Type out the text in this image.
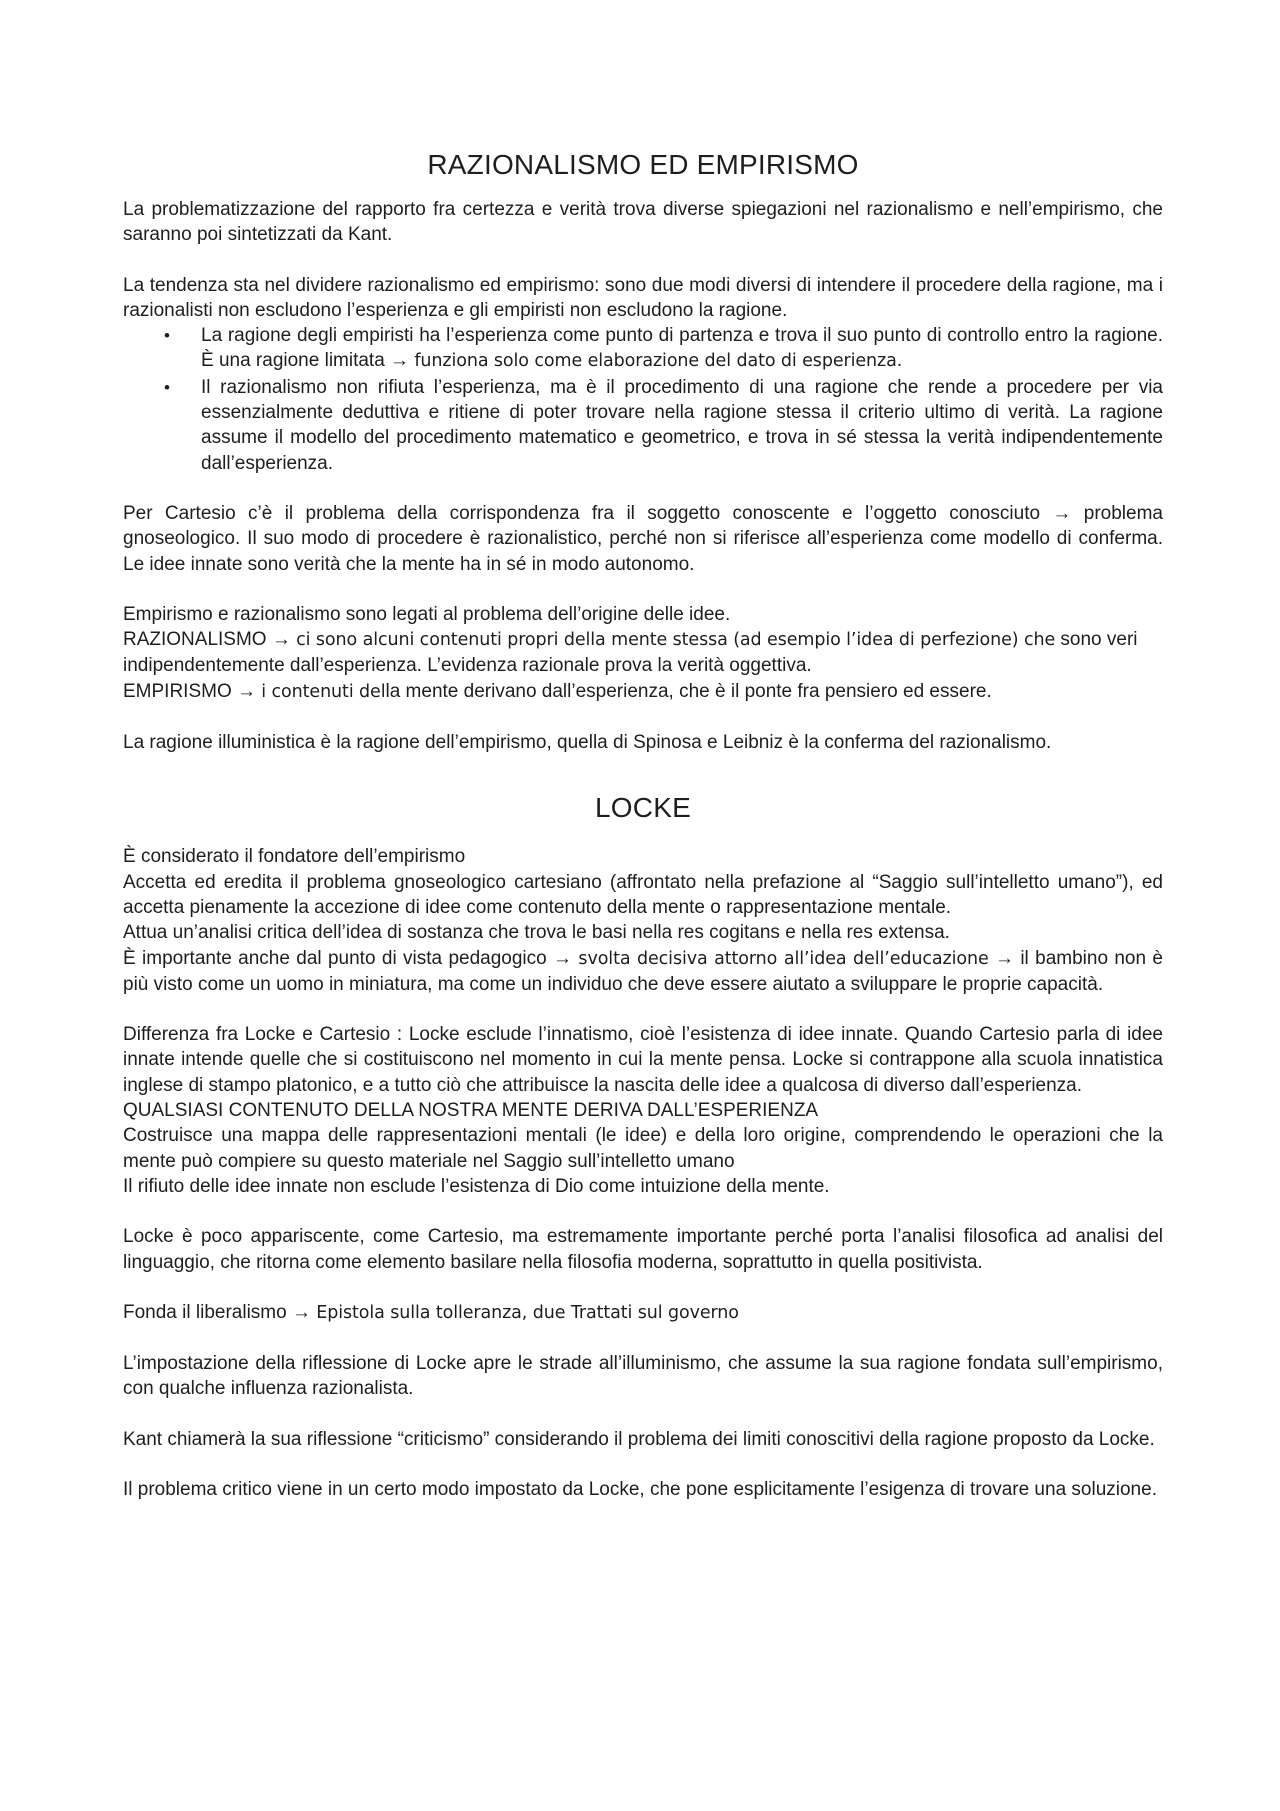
RAZIONALISMO ED EMPIRISMO

La problematizzazione del rapporto fra certezza e verità trova diverse spiegazioni nel razionalismo e nell’empirismo, che saranno poi sintetizzati da Kant.

La tendenza sta nel dividere razionalismo ed empirismo: sono due modi diversi di intendere il procedere della ragione, ma i razionalisti non escludono l’esperienza e gli empiristi non escludono la ragione.

• La ragione degli empiristi ha l’esperienza come punto di partenza e trova il suo punto di controllo entro la ragione. È una ragione limitata → funziona solo come elaborazione del dato di esperienza.
• Il razionalismo non rifiuta l’esperienza, ma è il procedimento di una ragione che rende a procedere per via essenzialmente deduttiva e ritiene di poter trovare nella ragione stessa il criterio ultimo di verità. La ragione assume il modello del procedimento matematico e geometrico, e trova in sé stessa la verità indipendentemente dall’esperienza.

Per Cartesio c’è il problema della corrispondenza fra il soggetto conoscente e l’oggetto conosciuto → problema gnoseologico. Il suo modo di procedere è razionalistico, perché non si riferisce all’esperienza come modello di conferma. Le idee innate sono verità che la mente ha in sé in modo autonomo.

Empirismo e razionalismo sono legati al problema dell’origine delle idee.

RAZIONALISMO → ci sono alcuni contenuti propri della mente stessa (ad esempio l’idea di perfezione) che sono veri indipendentemente dall’esperienza. L’evidenza razionale prova la verità oggettiva.

EMPIRISMO → i contenuti della mente derivano dall’esperienza, che è il ponte fra pensiero ed essere.

La ragione illuministica è la ragione dell’empirismo, quella di Spinosa e Leibniz è la conferma del razionalismo.

LOCKE

È considerato il fondatore dell’empirismo

Accetta ed eredita il problema gnoseologico cartesiano (affrontato nella prefazione al “Saggio sull’intelletto umano”), ed accetta pienamente la accezione di idee come contenuto della mente o rappresentazione mentale.

Attua un’analisi critica dell’idea di sostanza che trova le basi nella res cogitans e nella res extensa.

È importante anche dal punto di vista pedagogico → svolta decisiva attorno all’idea dell’educazione → il bambino non è più visto come un uomo in miniatura, ma come un individuo che deve essere aiutato a sviluppare le proprie capacità.

Differenza fra Locke e Cartesio : Locke esclude l’innatismo, cioè l’esistenza di idee innate. Quando Cartesio parla di idee innate intende quelle che si costituiscono nel momento in cui la mente pensa. Locke si contrappone alla scuola innatistica inglese di stampo platonico, e a tutto ciò che attribuisce la nascita delle idee a qualcosa di diverso dall’esperienza.

QUALSIASI CONTENUTO DELLA NOSTRA MENTE DERIVA DALL’ESPERIENZA

Costruisce una mappa delle rappresentazioni mentali (le idee) e della loro origine, comprendendo le operazioni che la mente può compiere su questo materiale nel Saggio sull’intelletto umano

Il rifiuto delle idee innate non esclude l’esistenza di Dio come intuizione della mente.

Locke è poco appariscente, come Cartesio, ma estremamente importante perché porta l’analisi filosofica ad analisi del linguaggio, che ritorna come elemento basilare nella filosofia moderna, soprattutto in quella positivista.

Fonda il liberalismo → Epistola sulla tolleranza, due Trattati sul governo

L’impostazione della riflessione di Locke apre le strade all’illuminismo, che assume la sua ragione fondata sull’empirismo, con qualche influenza razionalista.

Kant chiamerà la sua riflessione “criticismo” considerando il problema dei limiti conoscitivi della ragione proposto da Locke.

Il problema critico viene in un certo modo impostato da Locke, che pone esplicitamente l’esigenza di trovare una soluzione.
